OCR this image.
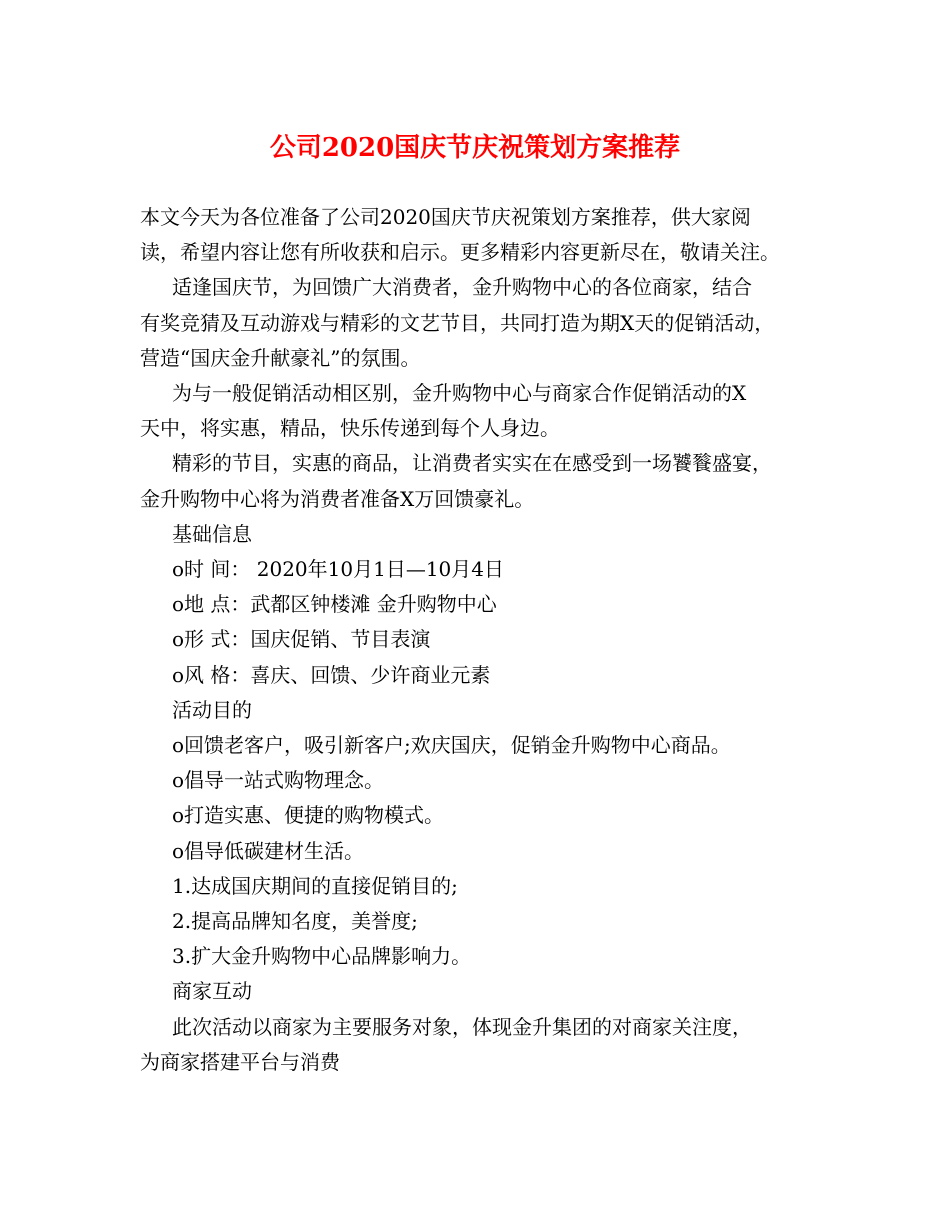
公司2020国庆节庆祝策划方案推荐

本文今天为各位准备了公司2020国庆节庆祝策划方案推荐，供大家阅

读，希望内容让您有所收获和启示。更多精彩内容更新尽在，敬请关注。

适逢国庆节，为回馈广大消费者，金升购物中心的各位商家，结合

有奖竞猜及互动游戏与精彩的文艺节目，共同打造为期X天的促销活动，

营造“国庆金升献豪礼”的氛围。

为与一般促销活动相区别，金升购物中心与商家合作促销活动的X

天中，将实惠，精品，快乐传递到每个人身边。

精彩的节目，实惠的商品，让消费者实实在在感受到一场饕餮盛宴，

金升购物中心将为消费者准备X万回馈豪礼。

基础信息

o时 间： 2020年10月1日—10月4日

o地 点：武都区钟楼滩 金升购物中心

o形 式：国庆促销、节目表演

o风 格：喜庆、回馈、少许商业元素

活动目的

o回馈老客户，吸引新客户;欢庆国庆，促销金升购物中心商品。

o倡导一站式购物理念。

o打造实惠、便捷的购物模式。

o倡导低碳建材生活。

1.达成国庆期间的直接促销目的;

2.提高品牌知名度，美誉度;

3.扩大金升购物中心品牌影响力。

商家互动

此次活动以商家为主要服务对象，体现金升集团的对商家关注度，

为商家搭建平台与消费
